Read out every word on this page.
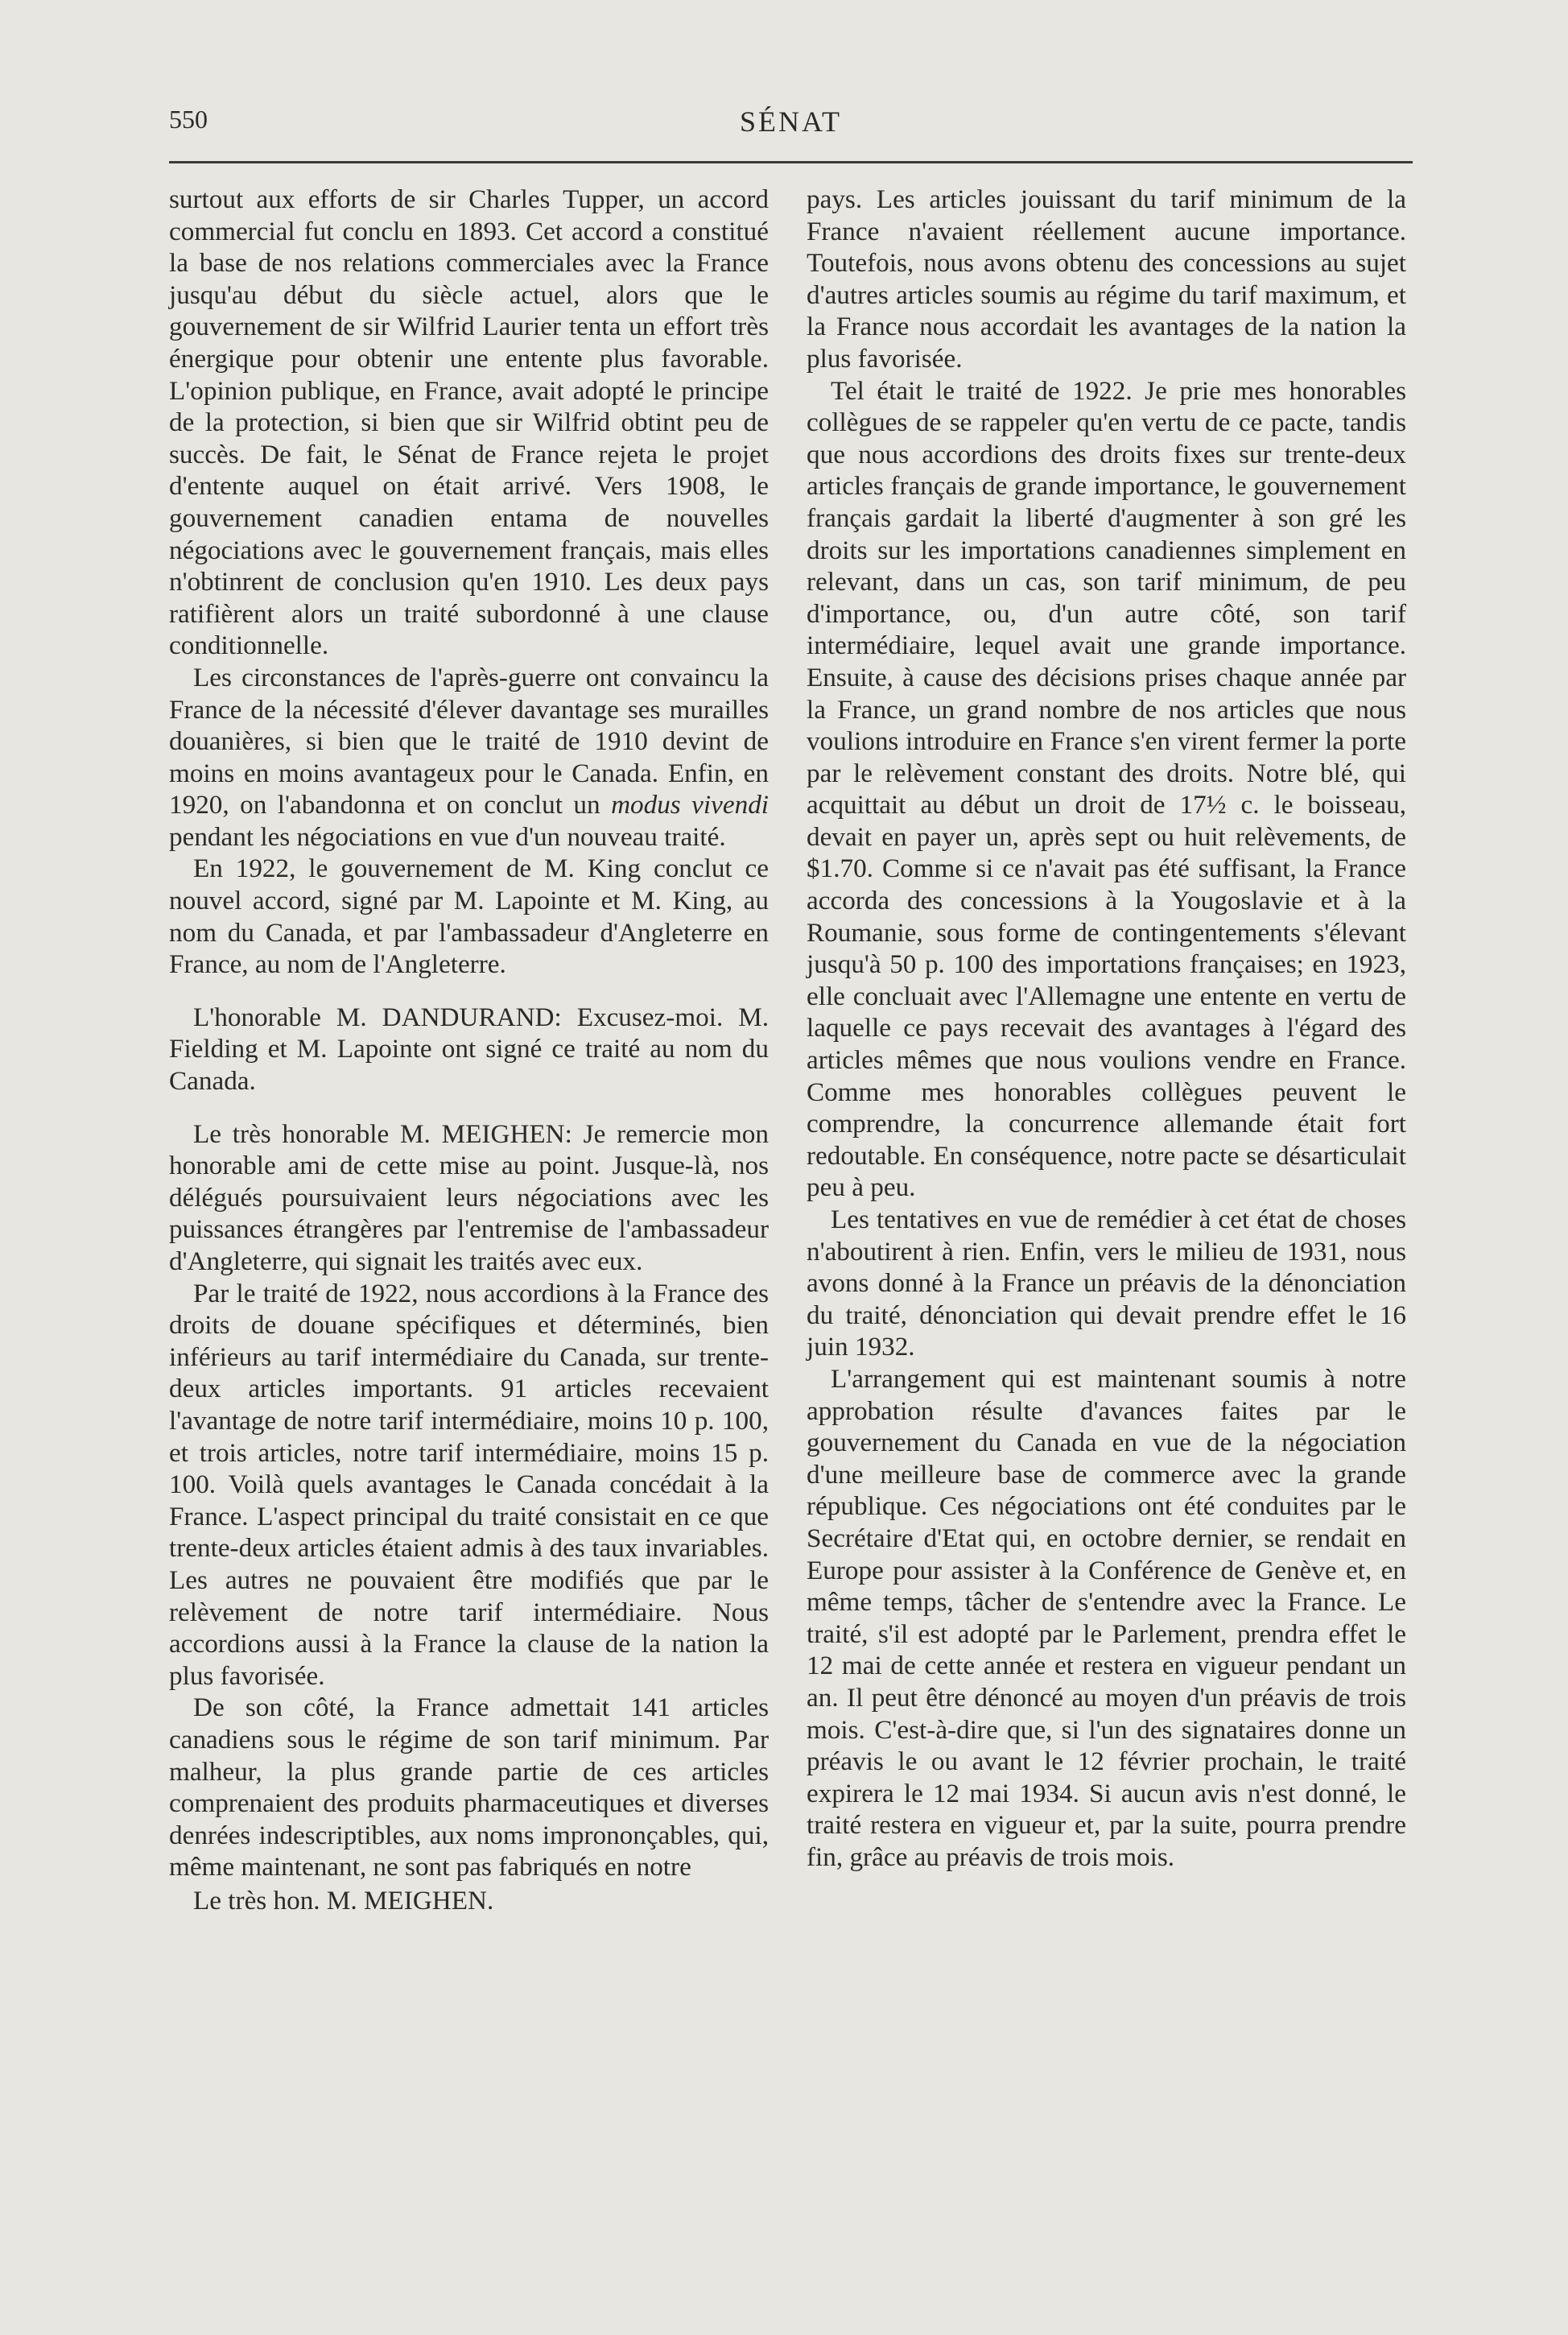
550	SÉNAT

surtout aux efforts de sir Charles Tupper, un accord commercial fut conclu en 1893. Cet accord a constitué la base de nos relations commerciales avec la France jusqu'au début du siècle actuel, alors que le gouvernement de sir Wilfrid Laurier tenta un effort très énergique pour obtenir une entente plus favorable. L'opinion publique, en France, avait adopté le principe de la protection, si bien que sir Wilfrid obtint peu de succès. De fait, le Sénat de France rejeta le projet d'entente auquel on était arrivé. Vers 1908, le gouvernement canadien entama de nouvelles négociations avec le gouvernement français, mais elles n'obtinrent de conclusion qu'en 1910. Les deux pays ratifièrent alors un traité subordonné à une clause conditionnelle.

Les circonstances de l'après-guerre ont convaincu la France de la nécessité d'élever davantage ses murailles douanières, si bien que le traité de 1910 devint de moins en moins avantageux pour le Canada. Enfin, en 1920, on l'abandonna et on conclut un modus vivendi pendant les négociations en vue d'un nouveau traité.

En 1922, le gouvernement de M. King conclut ce nouvel accord, signé par M. Lapointe et M. King, au nom du Canada, et par l'ambassadeur d'Angleterre en France, au nom de l'Angleterre.

L'honorable M. DANDURAND: Excusez-moi. M. Fielding et M. Lapointe ont signé ce traité au nom du Canada.

Le très honorable M. MEIGHEN: Je remercie mon honorable ami de cette mise au point. Jusque-là, nos délégués poursuivaient leurs négociations avec les puissances étrangères par l'entremise de l'ambassadeur d'Angleterre, qui signait les traités avec eux.

Par le traité de 1922, nous accordions à la France des droits de douane spécifiques et déterminés, bien inférieurs au tarif intermédiaire du Canada, sur trente-deux articles importants. 91 articles recevaient l'avantage de notre tarif intermédiaire, moins 10 p. 100, et trois articles, notre tarif intermédiaire, moins 15 p. 100. Voilà quels avantages le Canada concédait à la France. L'aspect principal du traité consistait en ce que trente-deux articles étaient admis à des taux invariables. Les autres ne pouvaient être modifiés que par le relèvement de notre tarif intermédiaire. Nous accordions aussi à la France la clause de la nation la plus favorisée.

De son côté, la France admettait 141 articles canadiens sous le régime de son tarif minimum. Par malheur, la plus grande partie de ces articles comprenaient des produits pharmaceutiques et diverses denrées indescriptibles, aux noms imprononçables, qui, même maintenant, ne sont pas fabriqués en notre

Le très hon. M. MEIGHEN.

pays. Les articles jouissant du tarif minimum de la France n'avaient réellement aucune importance. Toutefois, nous avons obtenu des concessions au sujet d'autres articles soumis au régime du tarif maximum, et la France nous accordait les avantages de la nation la plus favorisée.

Tel était le traité de 1922. Je prie mes honorables collègues de se rappeler qu'en vertu de ce pacte, tandis que nous accordions des droits fixes sur trente-deux articles français de grande importance, le gouvernement français gardait la liberté d'augmenter à son gré les droits sur les importations canadiennes simplement en relevant, dans un cas, son tarif minimum, de peu d'importance, ou, d'un autre côté, son tarif intermédiaire, lequel avait une grande importance. Ensuite, à cause des décisions prises chaque année par la France, un grand nombre de nos articles que nous voulions introduire en France s'en virent fermer la porte par le relèvement constant des droits. Notre blé, qui acquittait au début un droit de 17½ c. le boisseau, devait en payer un, après sept ou huit relèvements, de $1.70. Comme si ce n'avait pas été suffisant, la France accorda des concessions à la Yougoslavie et à la Roumanie, sous forme de contingentements s'élevant jusqu'à 50 p. 100 des importations françaises; en 1923, elle concluait avec l'Allemagne une entente en vertu de laquelle ce pays recevait des avantages à l'égard des articles mêmes que nous voulions vendre en France. Comme mes honorables collègues peuvent le comprendre, la concurrence allemande était fort redoutable. En conséquence, notre pacte se désarticulait peu à peu.

Les tentatives en vue de remédier à cet état de choses n'aboutirent à rien. Enfin, vers le milieu de 1931, nous avons donné à la France un préavis de la dénonciation du traité, dénonciation qui devait prendre effet le 16 juin 1932.

L'arrangement qui est maintenant soumis à notre approbation résulte d'avances faites par le gouvernement du Canada en vue de la négociation d'une meilleure base de commerce avec la grande république. Ces négociations ont été conduites par le Secrétaire d'Etat qui, en octobre dernier, se rendait en Europe pour assister à la Conférence de Genève et, en même temps, tâcher de s'entendre avec la France. Le traité, s'il est adopté par le Parlement, prendra effet le 12 mai de cette année et restera en vigueur pendant un an. Il peut être dénoncé au moyen d'un préavis de trois mois. C'est-à-dire que, si l'un des signataires donne un préavis le ou avant le 12 février prochain, le traité expirera le 12 mai 1934. Si aucun avis n'est donné, le traité restera en vigueur et, par la suite, pourra prendre fin, grâce au préavis de trois mois.
